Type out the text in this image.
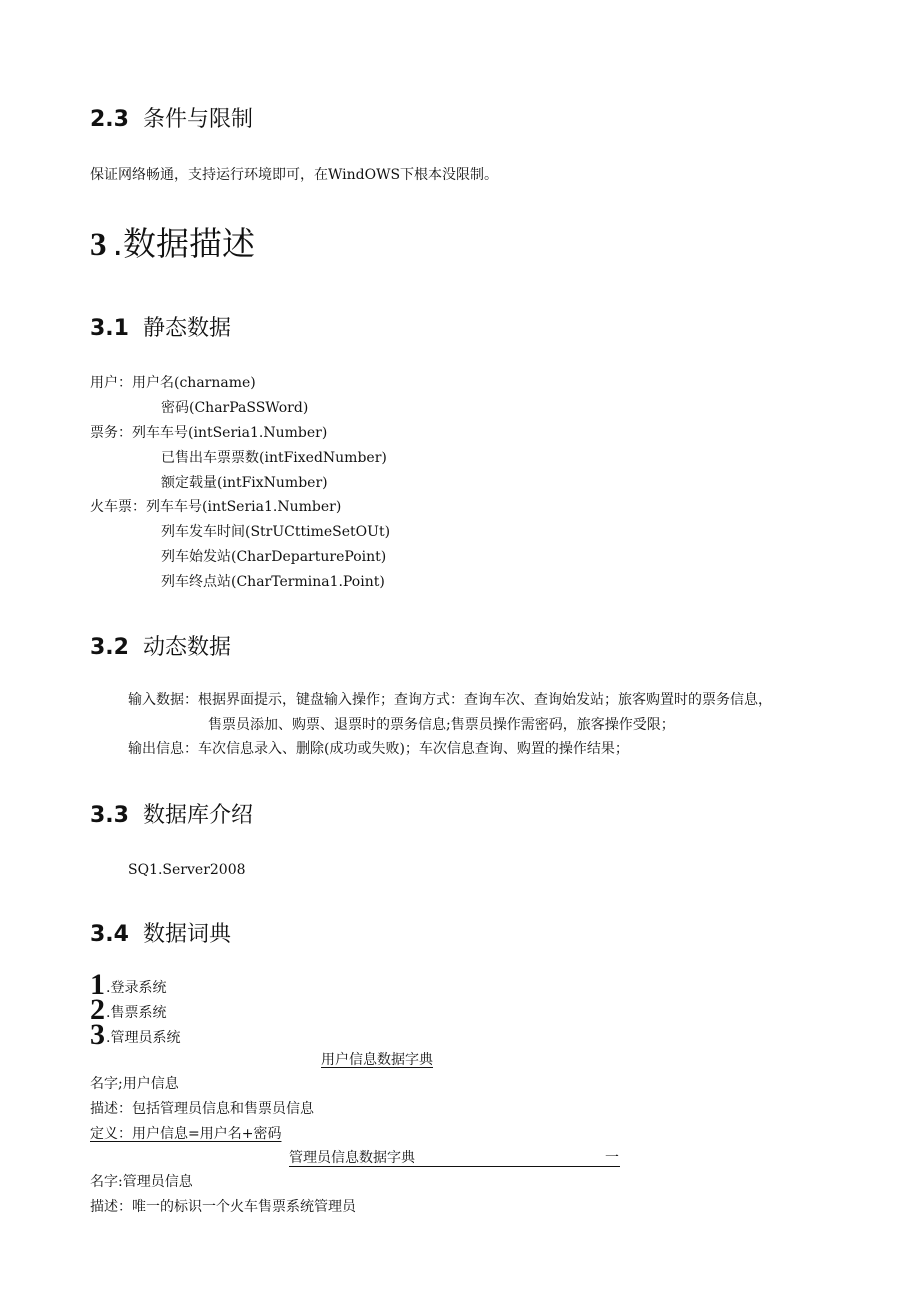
2.3 条件与限制
保证网络畅通，支持运行环境即可，在WindOWS下根本没限制。
3 .数据描述
3.1 静态数据
用户：用户名(charname)
密码(CharPaSSWord)
票务：列车车号(intSeria1.Number)
已售出车票票数(intFixedNumber)
额定载量(intFixNumber)
火车票：列车车号(intSeria1.Number)
列车发车时间(StrUCttimeSetOUt)
列车始发站(CharDeparturePoint)
列车终点站(CharTermina1.Point)
3.2 动态数据
输入数据：根据界面提示，键盘输入操作；查询方式：查询车次、查询始发站；旅客购置时的票务信息，
售票员添加、购票、退票时的票务信息;售票员操作需密码，旅客操作受限；
输出信息：车次信息录入、删除(成功或失败)；车次信息查询、购置的操作结果；
3.3 数据库介绍
SQ1.Server2008
3.4 数据词典
1.登录系统
2.售票系统
3.管理员系统
用户信息数据字典
名字;用户信息
描述：包括管理员信息和售票员信息
定义：用户信息=用户名+密码
管理员信息数据字典	一
名字:管理员信息
描述：唯一的标识一个火车售票系统管理员
